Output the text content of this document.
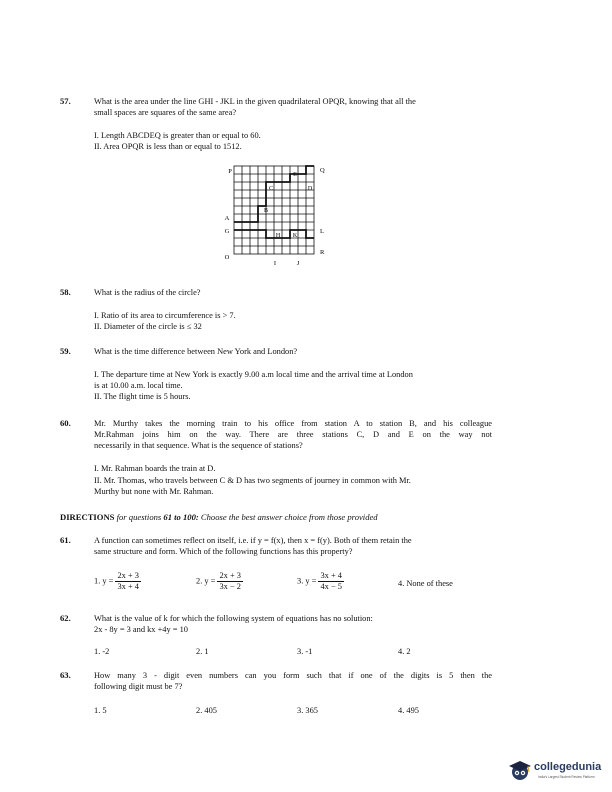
57.	What is the area under the line GHI - JKL in the given quadrilateral OPQR, knowing that all the
small spaces are squares of the same area?
I. Length ABCDEQ is greater than or equal to 60.
II. Area OPQR is less than or equal to 1512.
P	E
Q
C	D
B
A
G
H K
L
O
R
I	J
58.	What is the radius of the circle?
I. Ratio of its area to circumference is > 7.
II. Diameter of the circle is ≤ 32
59.	What is the time difference between New York and London?
I. The departure time at New York is exactly 9.00 a.m local time and the arrival time at London
is at 10.00 a.m. local time.
II. The flight time is 5 hours.
60.	Mr. Murthy takes the morning train to his office from station A to station B, and his colleague
Mr.Rahman joins him on the way. There are three stations C, D and E on the way not
necessarily in that sequence. What is the sequence of stations?
I. Mr. Rahman boards the train at D.
II. Mr. Thomas, who travels between C & D has two segments of journey in common with Mr.
Murthy but none with Mr. Rahman.
DIRECTIONS for questions 61 to 100: Choose the best answer choice from those provided
61.	A function can sometimes reflect on itself, i.e. if y = f(x), then x = f(y). Both of them retain the
same structure and form. Which of the following functions has this property?
1. $y = \frac{2x + 3}{3x + 4}$	2. $y = \frac{2x + 3}{3x - 2}$	3. $y = \frac{3x + 4}{4x - 5}$	4. None of these
62.	What is the value of k for which the following system of equations has no solution:
2x - 8y = 3 and kx +4y = 10
1. -2	2. 1	3. -1	4. 2
63.	How many 3 - digit even numbers can you form such that if one of the digits is 5 then the
following digit must be 7?
1. 5	2. 405	3. 365	4. 495
collegedunia
India's Largest Student Review Platform
